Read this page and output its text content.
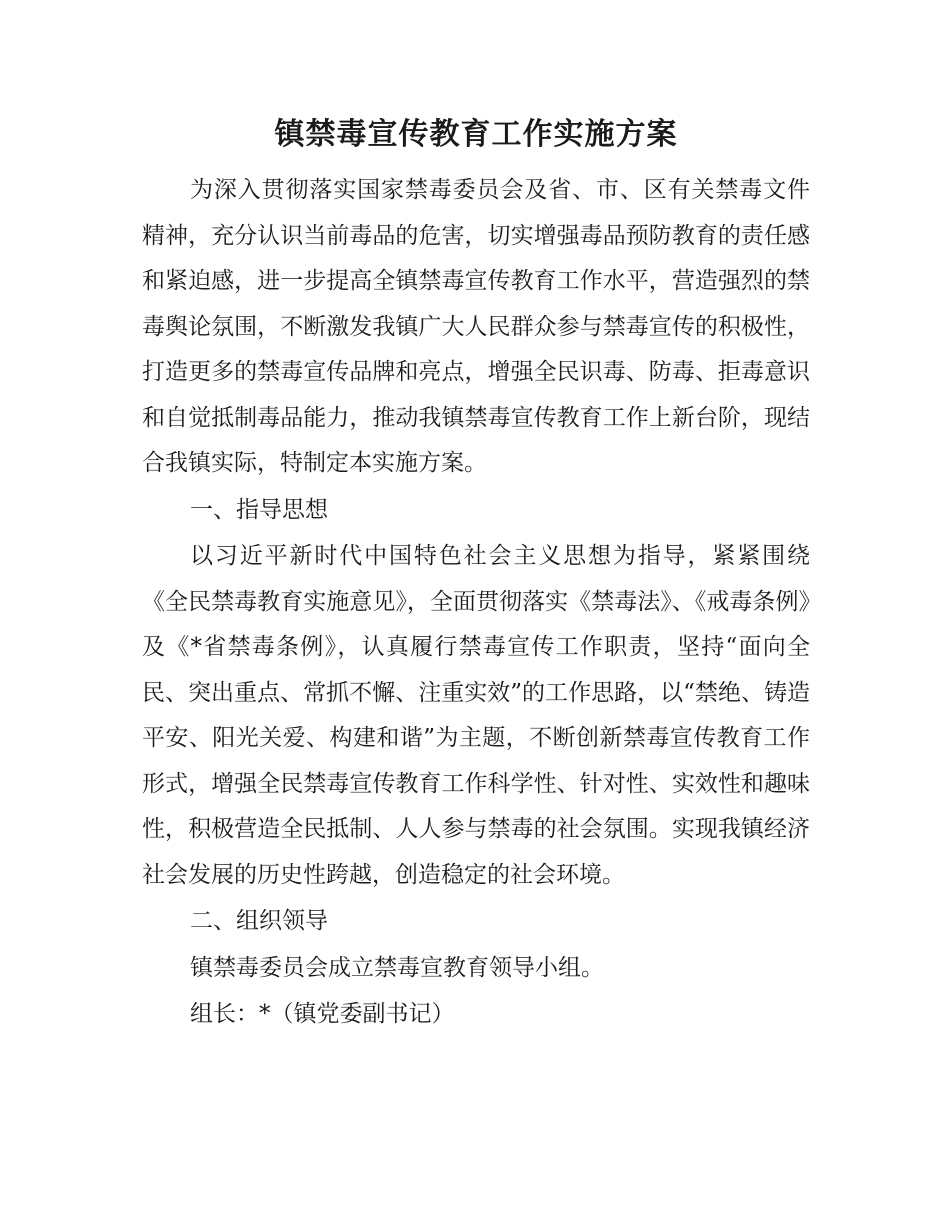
镇禁毒宣传教育工作实施方案

为深入贯彻落实国家禁毒委员会及省、市、区有关禁毒文件精神，充分认识当前毒品的危害，切实增强毒品预防教育的责任感和紧迫感，进一步提高全镇禁毒宣传教育工作水平，营造强烈的禁毒舆论氛围，不断激发我镇广大人民群众参与禁毒宣传的积极性，打造更多的禁毒宣传品牌和亮点，增强全民识毒、防毒、拒毒意识和自觉抵制毒品能力，推动我镇禁毒宣传教育工作上新台阶，现结合我镇实际，特制定本实施方案。

一、指导思想

以习近平新时代中国特色社会主义思想为指导，紧紧围绕《全民禁毒教育实施意见》，全面贯彻落实《禁毒法》、《戒毒条例》及《*省禁毒条例》，认真履行禁毒宣传工作职责，坚持“面向全民、突出重点、常抓不懈、注重实效”的工作思路，以“禁绝、铸造平安、阳光关爱、构建和谐”为主题，不断创新禁毒宣传教育工作形式，增强全民禁毒宣传教育工作科学性、针对性、实效性和趣味性，积极营造全民抵制、人人参与禁毒的社会氛围。实现我镇经济社会发展的历史性跨越，创造稳定的社会环境。

二、组织领导

镇禁毒委员会成立禁毒宣教育领导小组。

组长：*（镇党委副书记）
